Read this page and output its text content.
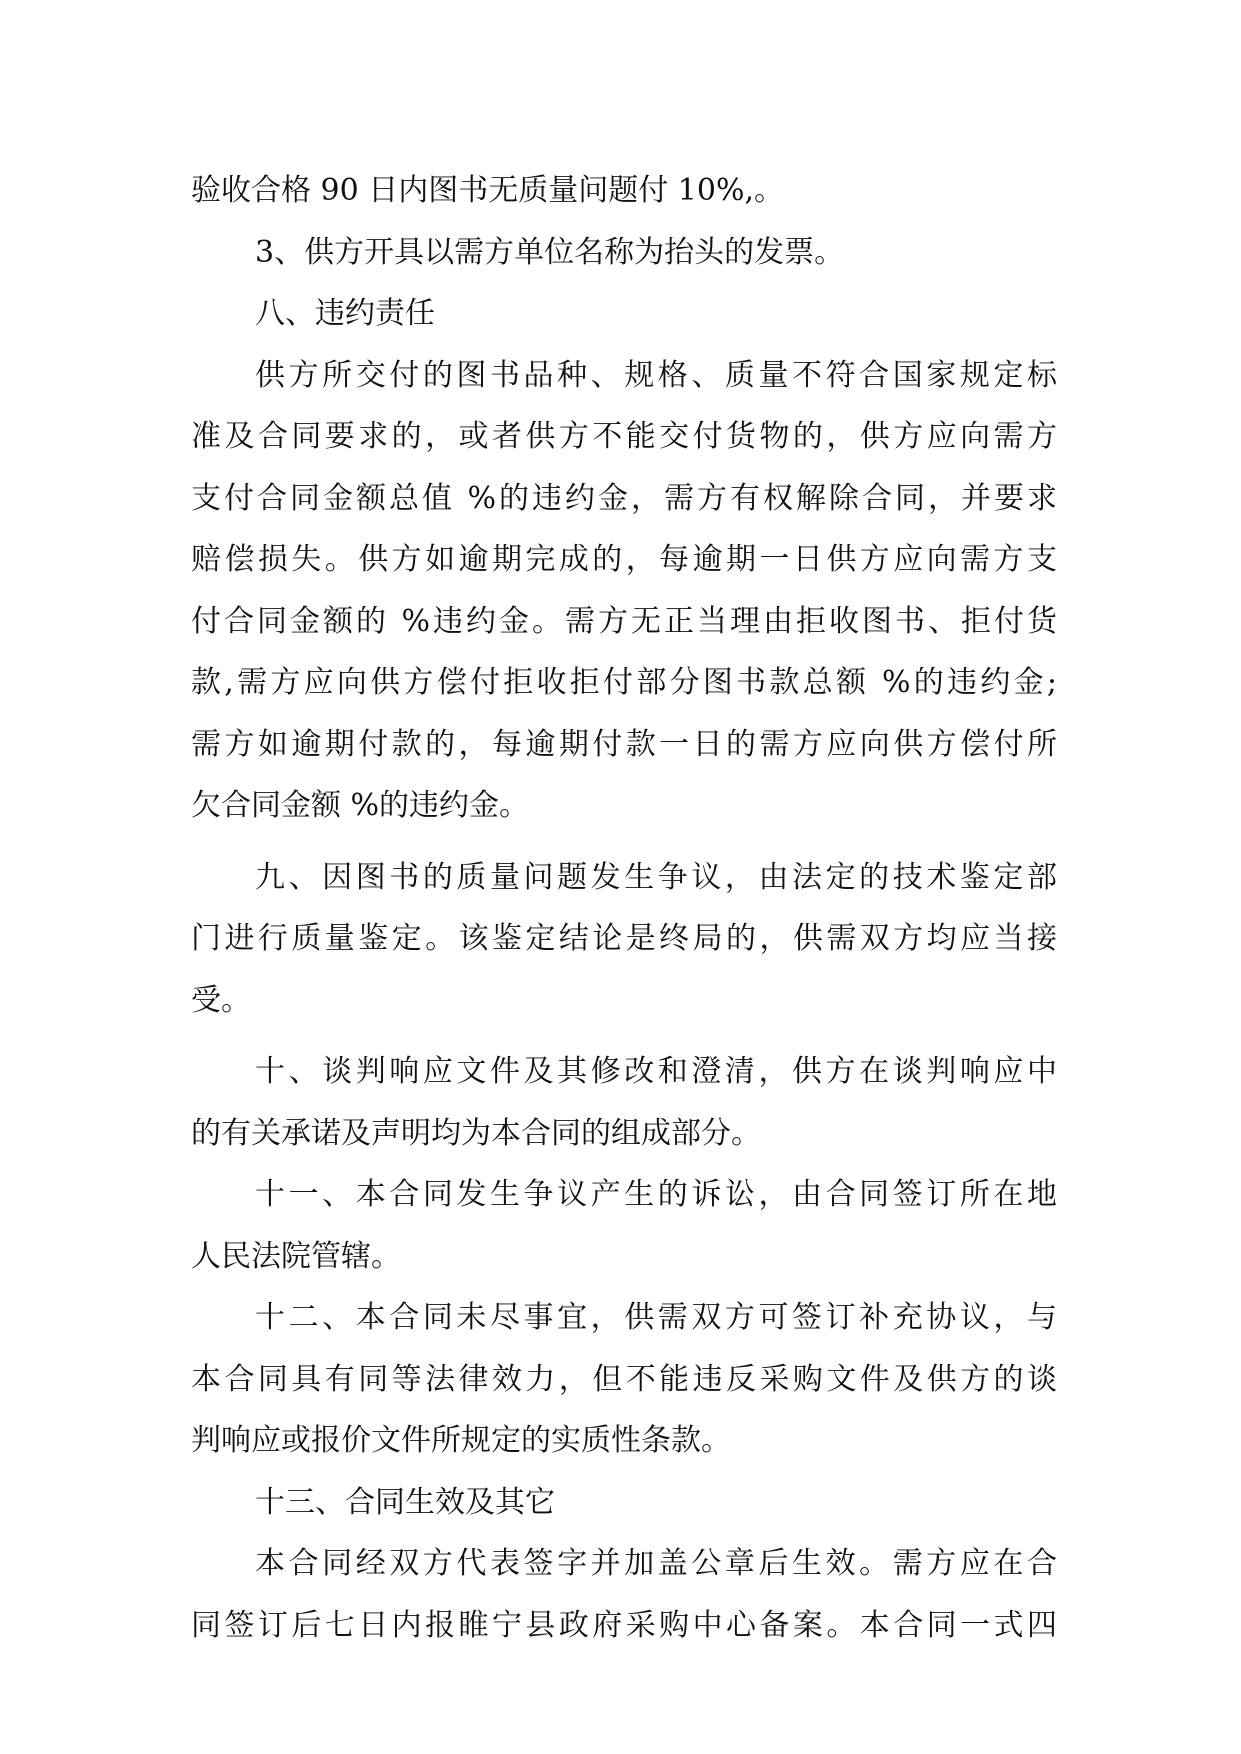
验收合格 90 日内图书无质量问题付 10%,。
3、供方开具以需方单位名称为抬头的发票。
八、违约责任
供方所交付的图书品种、规格、质量不符合国家规定标
准及合同要求的，或者供方不能交付货物的，供方应向需方
支付合同金额总值 %的违约金，需方有权解除合同，并要求
赔偿损失。供方如逾期完成的，每逾期一日供方应向需方支
付合同金额的 %违约金。需方无正当理由拒收图书、拒付货
款,需方应向供方偿付拒收拒付部分图书款总额 %的违约金;
需方如逾期付款的，每逾期付款一日的需方应向供方偿付所
欠合同金额 %的违约金。
九、因图书的质量问题发生争议，由法定的技术鉴定部
门进行质量鉴定。该鉴定结论是终局的，供需双方均应当接
受。
十、谈判响应文件及其修改和澄清，供方在谈判响应中
的有关承诺及声明均为本合同的组成部分。
十一、本合同发生争议产生的诉讼，由合同签订所在地
人民法院管辖。
十二、本合同未尽事宜，供需双方可签订补充协议，与
本合同具有同等法律效力，但不能违反采购文件及供方的谈
判响应或报价文件所规定的实质性条款。
十三、合同生效及其它
本合同经双方代表签字并加盖公章后生效。需方应在合
同签订后七日内报睢宁县政府采购中心备案。本合同一式四
